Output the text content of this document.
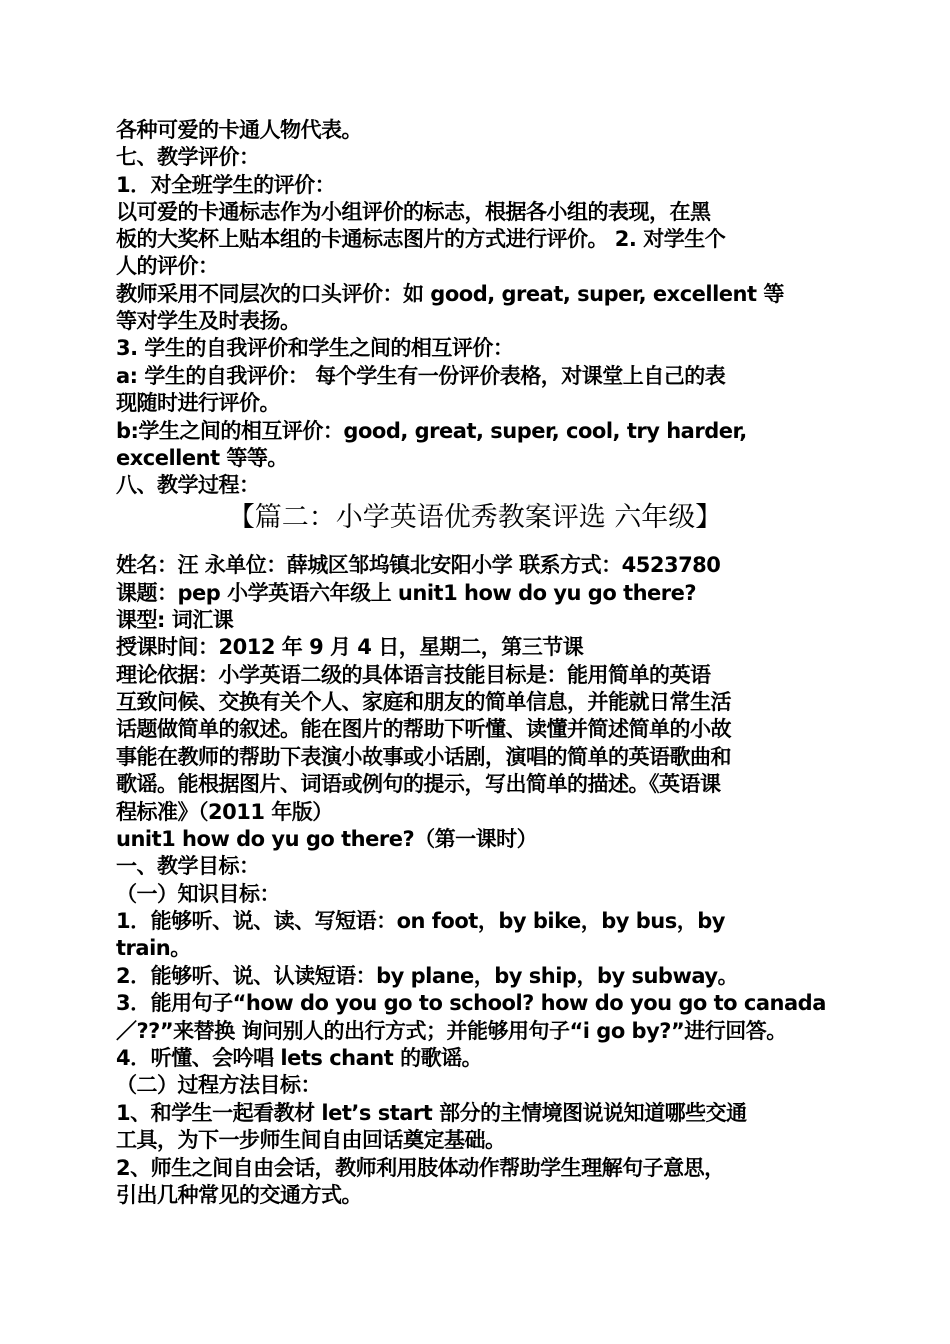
各种可爱的卡通人物代表。
七、教学评价：
1．对全班学生的评价：
以可爱的卡通标志作为小组评价的标志，根据各小组的表现，在黑
板的大奖杯上贴本组的卡通标志图片的方式进行评价。 2. 对学生个
人的评价：
教师采用不同层次的口头评价：如 good, great, super, excellent 等
等对学生及时表扬。
3. 学生的自我评价和学生之间的相互评价：
a: 学生的自我评价： 每个学生有一份评价表格，对课堂上自己的表
现随时进行评价。
b:学生之间的相互评价：good, great, super, cool, try harder,
excellent 等等。
八、教学过程：
【篇二：小学英语优秀教案评选 六年级】
姓名：汪 永单位：薛城区邹坞镇北安阳小学 联系方式：4523780
课题：pep 小学英语六年级上 unit1 how do yu go there?
课型: 词汇课
授课时间：2012 年 9 月 4 日，星期二，第三节课
理论依据：小学英语二级的具体语言技能目标是：能用简单的英语
互致问候、交换有关个人、家庭和朋友的简单信息，并能就日常生活
话题做简单的叙述。能在图片的帮助下听懂、读懂并简述简单的小故
事能在教师的帮助下表演小故事或小话剧，演唱的简单的英语歌曲和
歌谣。能根据图片、词语或例句的提示，写出简单的描述。《英语课
程标准》（2011 年版）
unit1 how do yu go there?（第一课时）
一、教学目标：
（一）知识目标：
1．能够听、说、读、写短语：on foot，by bike，by bus，by
train。
2．能够听、说、认读短语：by plane，by ship，by subway。
3．能用句子“how do you go to school? how do you go to canada
／??”来替换 询问别人的出行方式；并能够用句子“i go by?”进行回答。
4．听懂、会吟唱 lets chant 的歌谣。
（二）过程方法目标：
1、和学生一起看教材 let’s start 部分的主情境图说说知道哪些交通
工具，为下一步师生间自由回话奠定基础。
2、师生之间自由会话，教师利用肢体动作帮助学生理解句子意思，
引出几种常见的交通方式。
